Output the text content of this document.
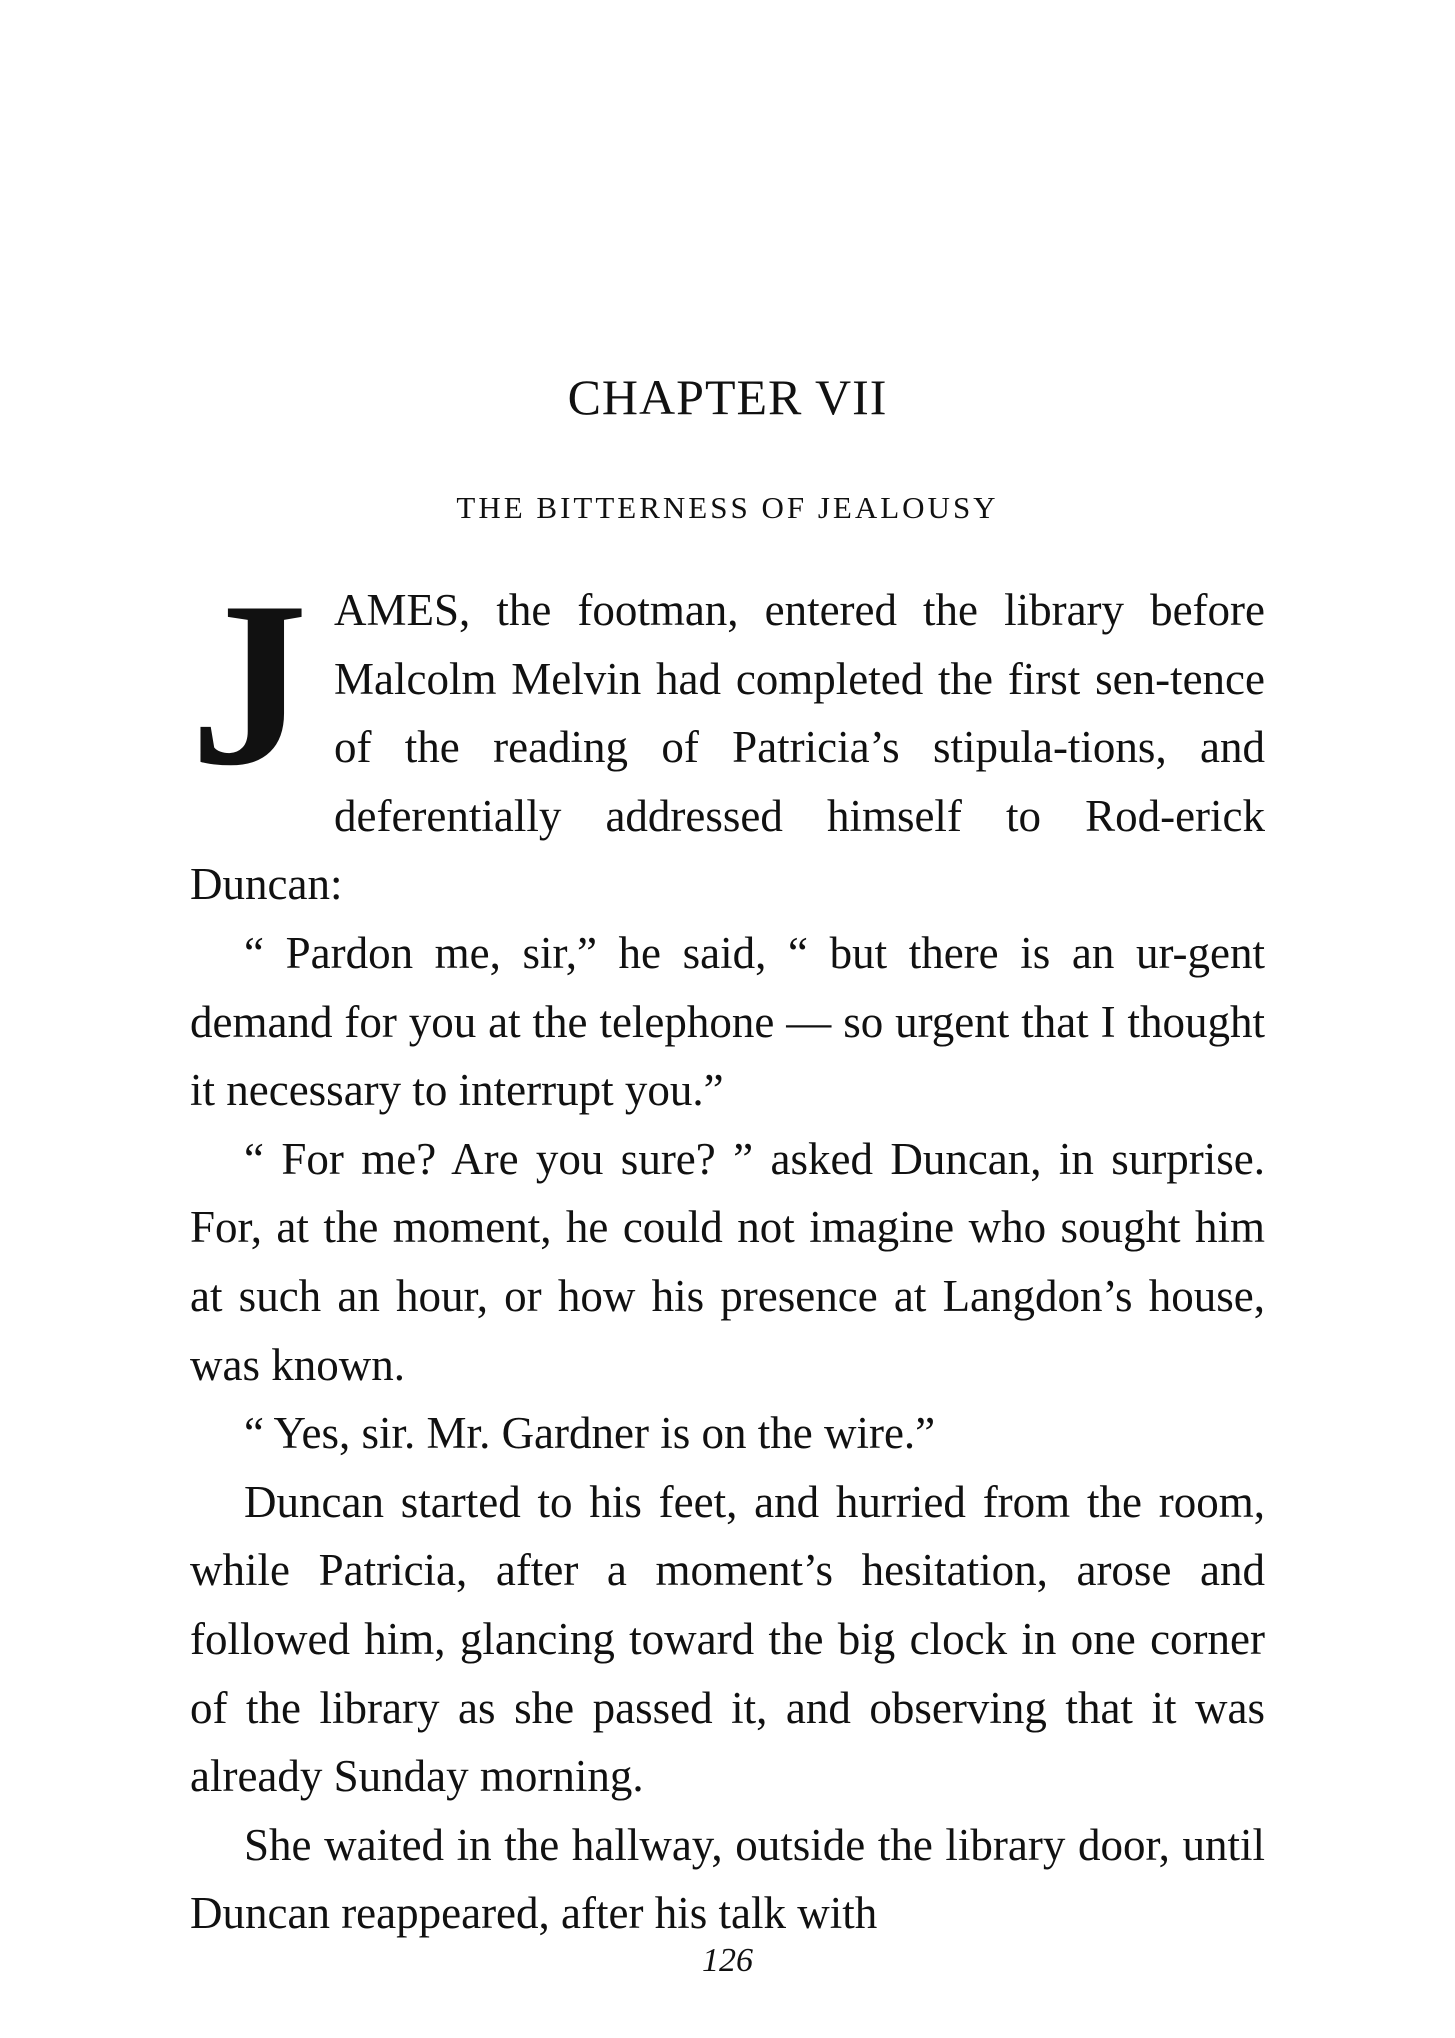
CHAPTER VII
THE BITTERNESS OF JEALOUSY
J AMES, the footman, entered the library before Malcolm Melvin had completed the first sen-tence of the reading of Patricia’s stipula-tions, and deferentially addressed himself to Rod-erick Duncan:

“ Pardon me, sir,” he said, “ but there is an ur-gent demand for you at the telephone — so urgent that I thought it necessary to interrupt you.”

“ For me? Are you sure? ” asked Duncan, in surprise. For, at the moment, he could not imagine who sought him at such an hour, or how his presence at Langdon’s house, was known.

“ Yes, sir. Mr. Gardner is on the wire.”

Duncan started to his feet, and hurried from the room, while Patricia, after a moment’s hesitation, arose and followed him, glancing toward the big clock in one corner of the library as she passed it, and observing that it was already Sunday morning.

She waited in the hallway, outside the library door, until Duncan reappeared, after his talk with

126
